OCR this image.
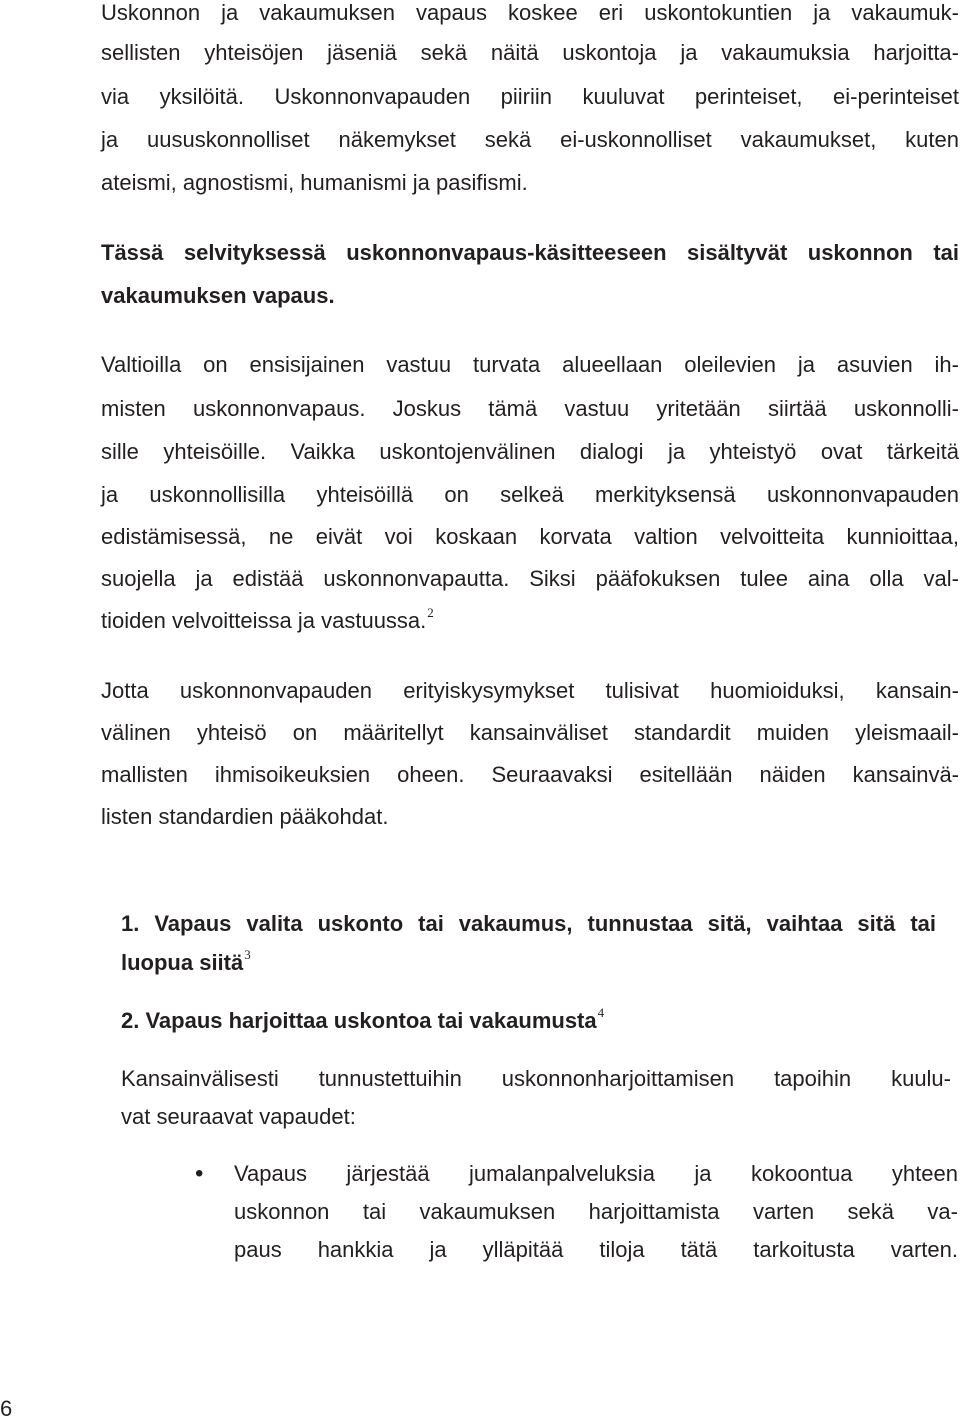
Uskonnon ja vakaumuksen vapaus koskee eri uskontokuntien ja vakaumuk-
sellisten yhteisöjen jäseniä sekä näitä uskontoja ja vakaumuksia harjoitta-
via yksilöitä. Uskonnonvapauden piiriin kuuluvat perinteiset, ei-perinteiset
ja uususkonnolliset näkemykset sekä ei-uskonnolliset vakaumukset, kuten
ateismi, agnostismi, humanismi ja pasifismi.
Tässä selvityksessä uskonnonvapaus-käsitteeseen sisältyvät uskonnon tai
vakaumuksen vapaus.
Valtioilla on ensisijainen vastuu turvata alueellaan oleilevien ja asuvien ih-
misten uskonnonvapaus. Joskus tämä vastuu yritetään siirtää uskonnolli-
sille yhteisöille. Vaikka uskontojenvälinen dialogi ja yhteistyö ovat tärkeitä
ja uskonnollisilla yhteisöillä on selkeä merkityksensä uskonnonvapauden
edistämisessä, ne eivät voi koskaan korvata valtion velvoitteita kunnioittaa,
suojella ja edistää uskonnonvapautta. Siksi pääfokuksen tulee aina olla val-
tioiden velvoitteissa ja vastuussa.$^2$
Jotta uskonnonvapauden erityiskysymykset tulisivat huomioiduksi, kansain-
välinen yhteisö on määritellyt kansainväliset standardit muiden yleismaail-
mallisten ihmisoikeuksien oheen. Seuraavaksi esitellään näiden kansainvä-
listen standardien pääkohdat.
1. Vapaus valita uskonto tai vakaumus, tunnustaa sitä, vaihtaa sitä tai
luopua siitä$^3$
2. Vapaus harjoittaa uskontoa tai vakaumusta$^4$
Kansainvälisesti tunnustettuihin uskonnonharjoittamisen tapoihin kuulu-
vat seuraavat vapaudet:
• Vapaus järjestää jumalanpalveluksia ja kokoontua yhteen
uskonnon tai vakaumuksen harjoittamista varten sekä va-
paus hankkia ja ylläpitää tiloja tätä tarkoitusta varten.
6
